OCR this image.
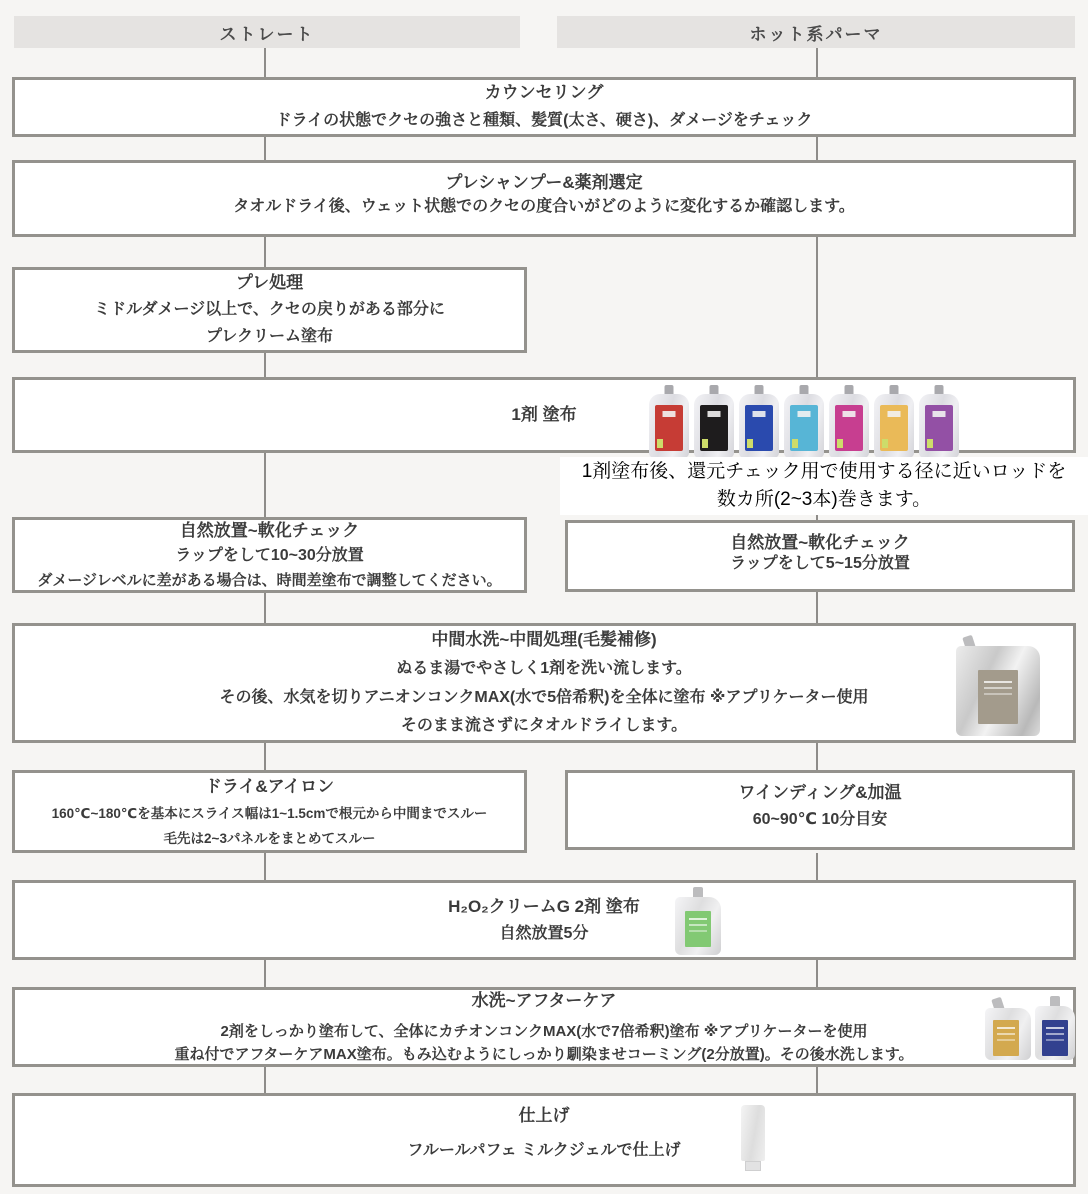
ストレート	ホット系パーマ
カウンセリング
ドライの状態でクセの強さと種類、髪質(太さ、硬さ)、ダメージをチェック
プレシャンプー&薬剤選定
タオルドライ後、ウェット状態でのクセの度合いがどのように変化するか確認します。
プレ処理
ミドルダメージ以上で、クセの戻りがある部分に
プレクリーム塗布
1剤 塗布
1剤塗布後、還元チェック用で使用する径に近いロッドを
数カ所(2~3本)巻きます。
自然放置~軟化チェック
ラップをして10~30分放置
ダメージレベルに差がある場合は、時間差塗布で調整してください。
自然放置~軟化チェック
ラップをして5~15分放置
中間水洗~中間処理(毛髪補修)
ぬるま湯でやさしく1剤を洗い流します。
その後、水気を切りアニオンコンクMAX(水で5倍希釈)を全体に塗布 ※アプリケーター使用
そのまま流さずにタオルドライします。
ドライ&アイロン
160℃~180℃を基本にスライス幅は1~1.5cmで根元から中間までスルー
毛先は2~3パネルをまとめてスルー
ワインディング&加温
60~90℃ 10分目安
H₂O₂クリームG 2剤 塗布
自然放置5分
水洗~アフターケア
2剤をしっかり塗布して、全体にカチオンコンクMAX(水で7倍希釈)塗布 ※アプリケーターを使用
重ね付でアフターケアMAX塗布。もみ込むようにしっかり馴染ませコーミング(2分放置)。その後水洗します。
仕上げ
フルールパフェ ミルクジェルで仕上げ
